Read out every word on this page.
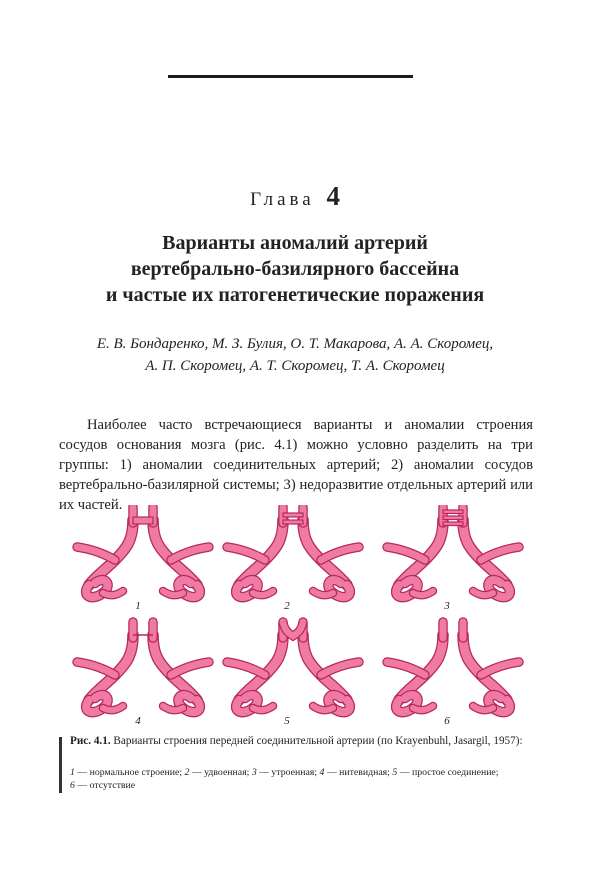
Глава 4
Варианты аномалий артерий
вертебрально-базилярного бассейна
и частые их патогенетические поражения
Е. В. Бондаренко, М. З. Булия, О. Т. Макарова, А. А. Скоромец,
А. П. Скоромец, А. Т. Скоромец, Т. А. Скоромец

Наиболее часто встречающиеся варианты и аномалии строения сосудов основания мозга (рис. 4.1) можно условно разделить на три группы: 1) аномалии соединительных артерий; 2) аномалии сосудов вертебрально-базилярной системы; 3) недоразвитие отдельных артерий или их частей.

1	2	3
4	5	6
Рис. 4.1. Варианты строения передней соединительной артерии (по Krayenbuhl, Jasargil, 1957):
1 — нормальное строение; 2 — удвоенная; 3 — утроенная; 4 — нитевидная; 5 — простое соединение;
6 — отсутствие
